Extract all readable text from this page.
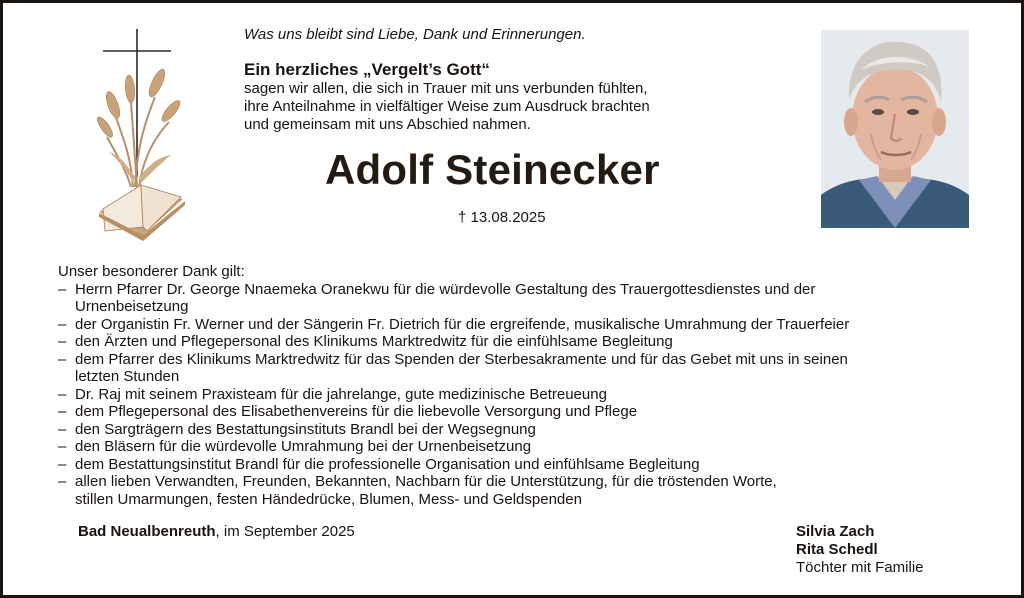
Was uns bleibt sind Liebe, Dank und Erinnerungen.
Ein herzliches „Vergelt’s Gott“
sagen wir allen, die sich in Trauer mit uns verbunden fühlten,
ihre Anteilnahme in vielfältiger Weise zum Ausdruck brachten
und gemeinsam mit uns Abschied nahmen.
Adolf Steinecker
† 13.08.2025
Unser besonderer Dank gilt:
– Herrn Pfarrer Dr. George Nnaemeka Oranekwu für die würdevolle Gestaltung des Trauergottesdienstes und der
Urnenbeisetzung
– der Organistin Fr. Werner und der Sängerin Fr. Dietrich für die ergreifende, musikalische Umrahmung der Trauerfeier
– den Ärzten und Pflegepersonal des Klinikums Marktredwitz für die einfühlsame Begleitung
– dem Pfarrer des Klinikums Marktredwitz für das Spenden der Sterbesakramente und für das Gebet mit uns in seinen
letzten Stunden
– Dr. Raj mit seinem Praxisteam für die jahrelange, gute medizinische Betreueung
– dem Pflegepersonal des Elisabethenvereins für die liebevolle Versorgung und Pflege
– den Sargträgern des Bestattungsinstituts Brandl bei der Wegsegnung
– den Bläsern für die würdevolle Umrahmung bei der Urnenbeisetzung
– dem Bestattungsinstitut Brandl für die professionelle Organisation und einfühlsame Begleitung
– allen lieben Verwandten, Freunden, Bekannten, Nachbarn für die Unterstützung, für die tröstenden Worte,
stillen Umarmungen, festen Händedrücke, Blumen, Mess- und Geldspenden
Bad Neualbenreuth, im September 2025	Silvia Zach
Rita Schedl
Töchter mit Familie
